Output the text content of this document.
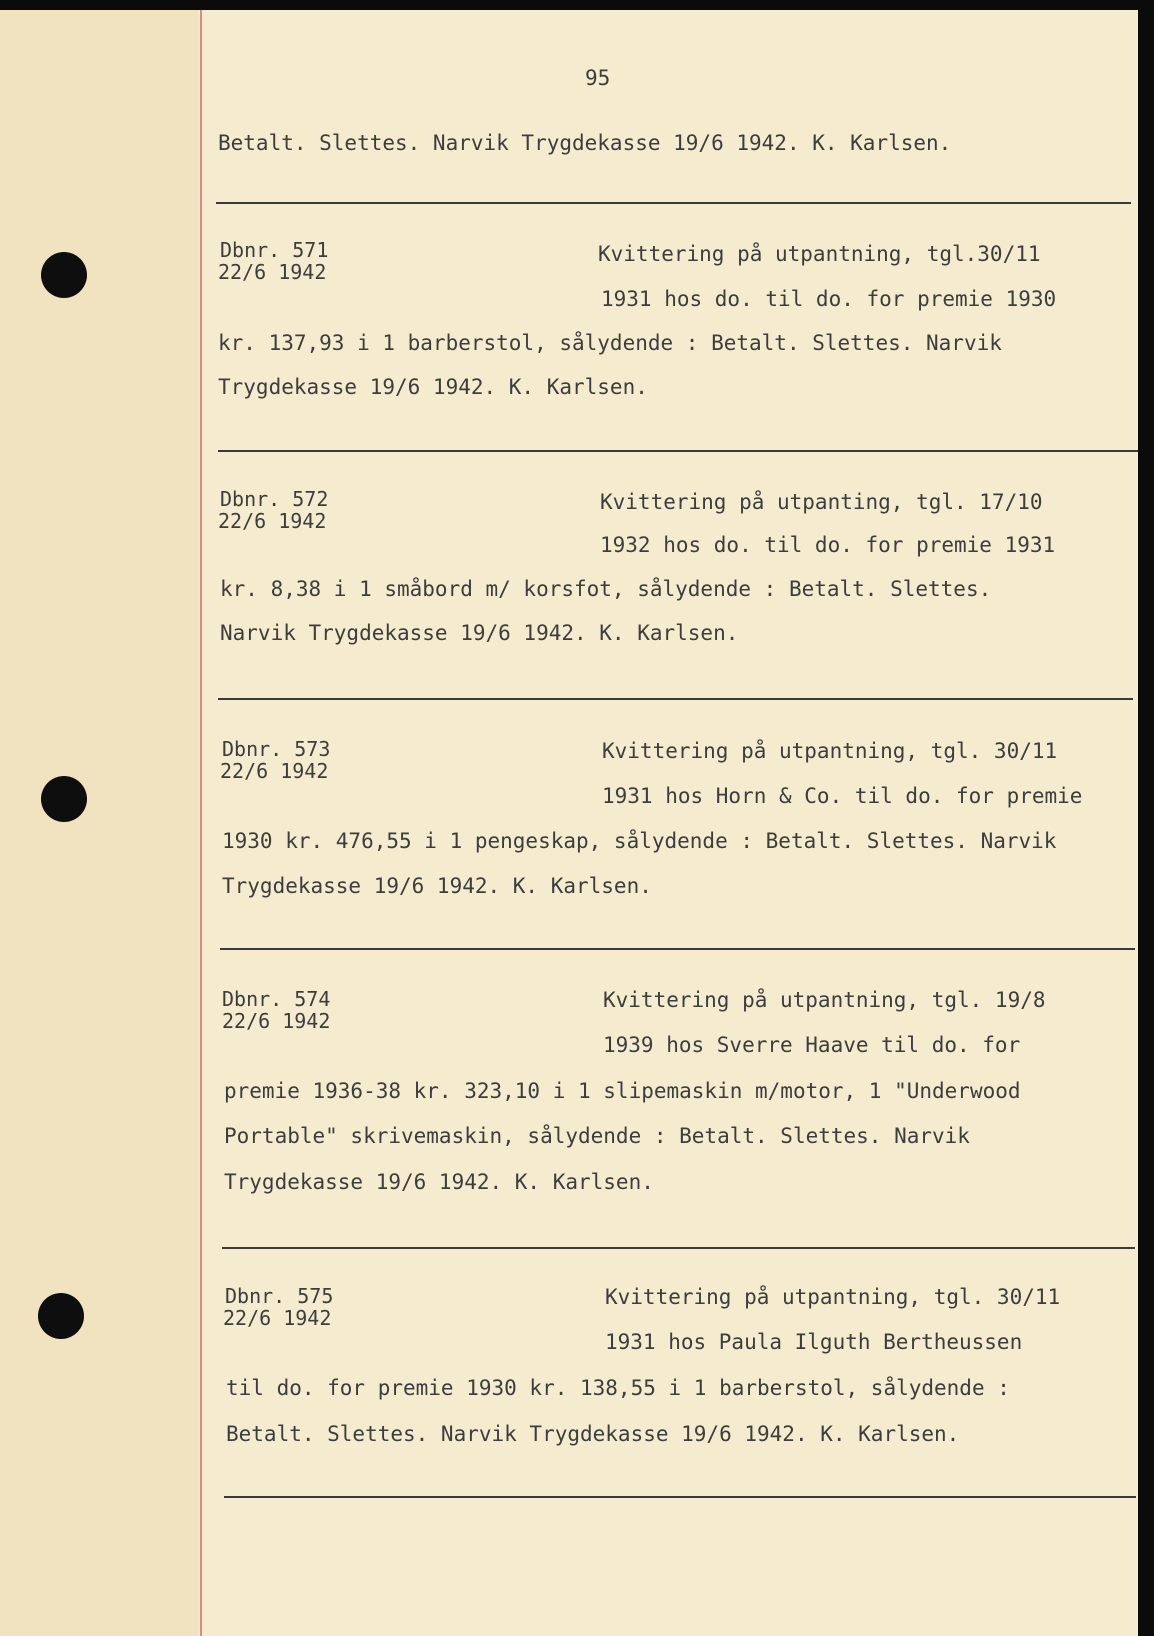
95
Betalt. Slettes. Narvik Trygdekasse 19/6 1942. K. Karlsen.
Dbnr. 571
22/6 1942
Kvittering på utpantning, tgl.30/11
1931 hos do. til do. for premie 1930
kr. 137,93 i 1 barberstol, sålydende : Betalt. Slettes. Narvik
Trygdekasse 19/6 1942. K. Karlsen.
Dbnr. 572
22/6 1942
Kvittering på utpanting, tgl. 17/10
1932 hos do. til do. for premie 1931
kr. 8,38 i 1 småbord m/ korsfot, sålydende : Betalt. Slettes.
Narvik Trygdekasse 19/6 1942. K. Karlsen.
Dbnr. 573
22/6 1942
Kvittering på utpantning, tgl. 30/11
1931 hos Horn & Co. til do. for premie
1930 kr. 476,55 i 1 pengeskap, sålydende : Betalt. Slettes. Narvik
Trygdekasse 19/6 1942. K. Karlsen.
Dbnr. 574
22/6 1942
Kvittering på utpantning, tgl. 19/8
1939 hos Sverre Haave til do. for
premie 1936-38 kr. 323,10 i 1 slipemaskin m/motor, 1 "Underwood
Portable" skrivemaskin, sålydende : Betalt. Slettes. Narvik
Trygdekasse 19/6 1942. K. Karlsen.
Dbnr. 575
22/6 1942
Kvittering på utpantning, tgl. 30/11
1931 hos Paula Ilguth Bertheussen
til do. for premie 1930 kr. 138,55 i 1 barberstol, sålydende :
Betalt. Slettes. Narvik Trygdekasse 19/6 1942. K. Karlsen.
